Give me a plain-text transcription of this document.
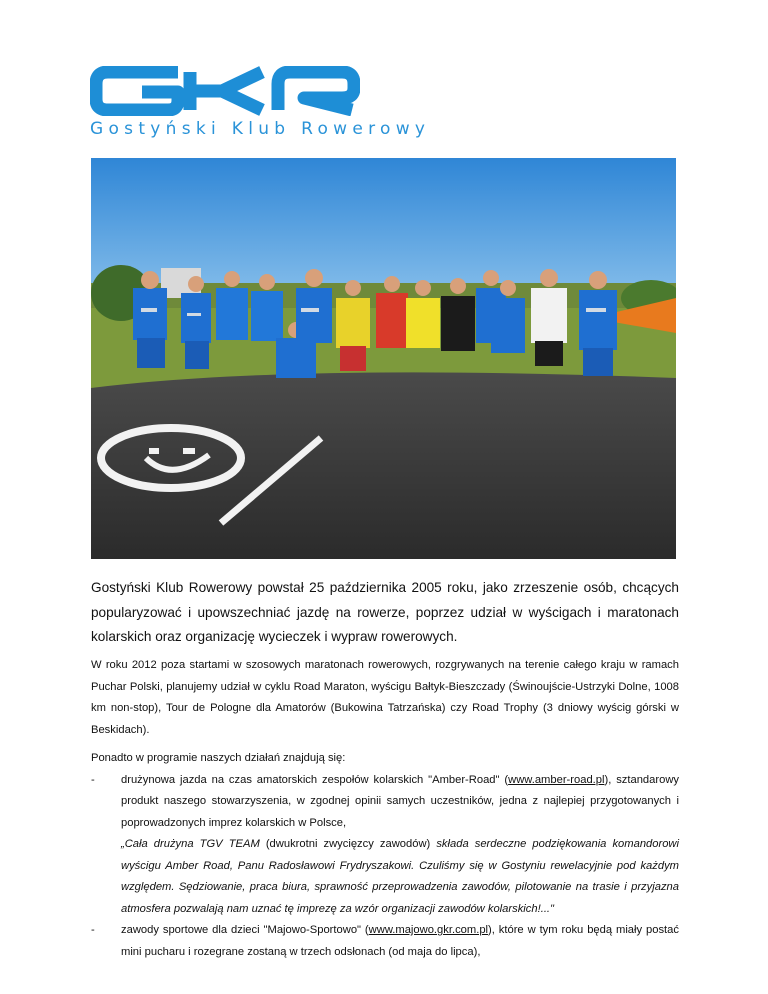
Gostyński Klub Rowerowy
Gostyński Klub Rowerowy powstał 25 października 2005 roku, jako zrzeszenie osób, chcących popularyzować i upowszechniać jazdę na rowerze, poprzez udział w wyścigach i maratonach kolarskich oraz organizację wycieczek i wypraw rowerowych.
W roku 2012 poza startami w szosowych maratonach rowerowych, rozgrywanych na terenie całego kraju w ramach Puchar Polski, planujemy udział w cyklu Road Maraton, wyścigu Bałtyk-Bieszczady (Świnoujście-Ustrzyki Dolne, 1008 km non-stop), Tour de Pologne dla Amatorów (Bukowina Tatrzańska) czy Road Trophy (3 dniowy wyścig górski w Beskidach).
Ponadto w programie naszych działań znajdują się:
- drużynowa jazda na czas amatorskich zespołów kolarskich "Amber-Road" (www.amber-road.pl), sztandarowy produkt naszego stowarzyszenia, w zgodnej opinii samych uczestników, jedna z najlepiej przygotowanych i poprowadzonych imprez kolarskich w Polsce,
„Cała drużyna TGV TEAM (dwukrotni zwycięzcy zawodów) składa serdeczne podziękowania komandorowi wyścigu Amber Road, Panu Radosławowi Frydryszakowi. Czuliśmy się w Gostyniu rewelacyjnie pod każdym względem. Sędziowanie, praca biura, sprawność przeprowadzenia zawodów, pilotowanie na trasie i przyjazna atmosfera pozwalają nam uznać tę imprezę za wzór organizacji zawodów kolarskich!..."
- zawody sportowe dla dzieci "Majowo-Sportowo" (www.majowo.gkr.com.pl), które w tym roku będą miały postać mini pucharu i rozegrane zostaną w trzech odsłonach (od maja do lipca),
